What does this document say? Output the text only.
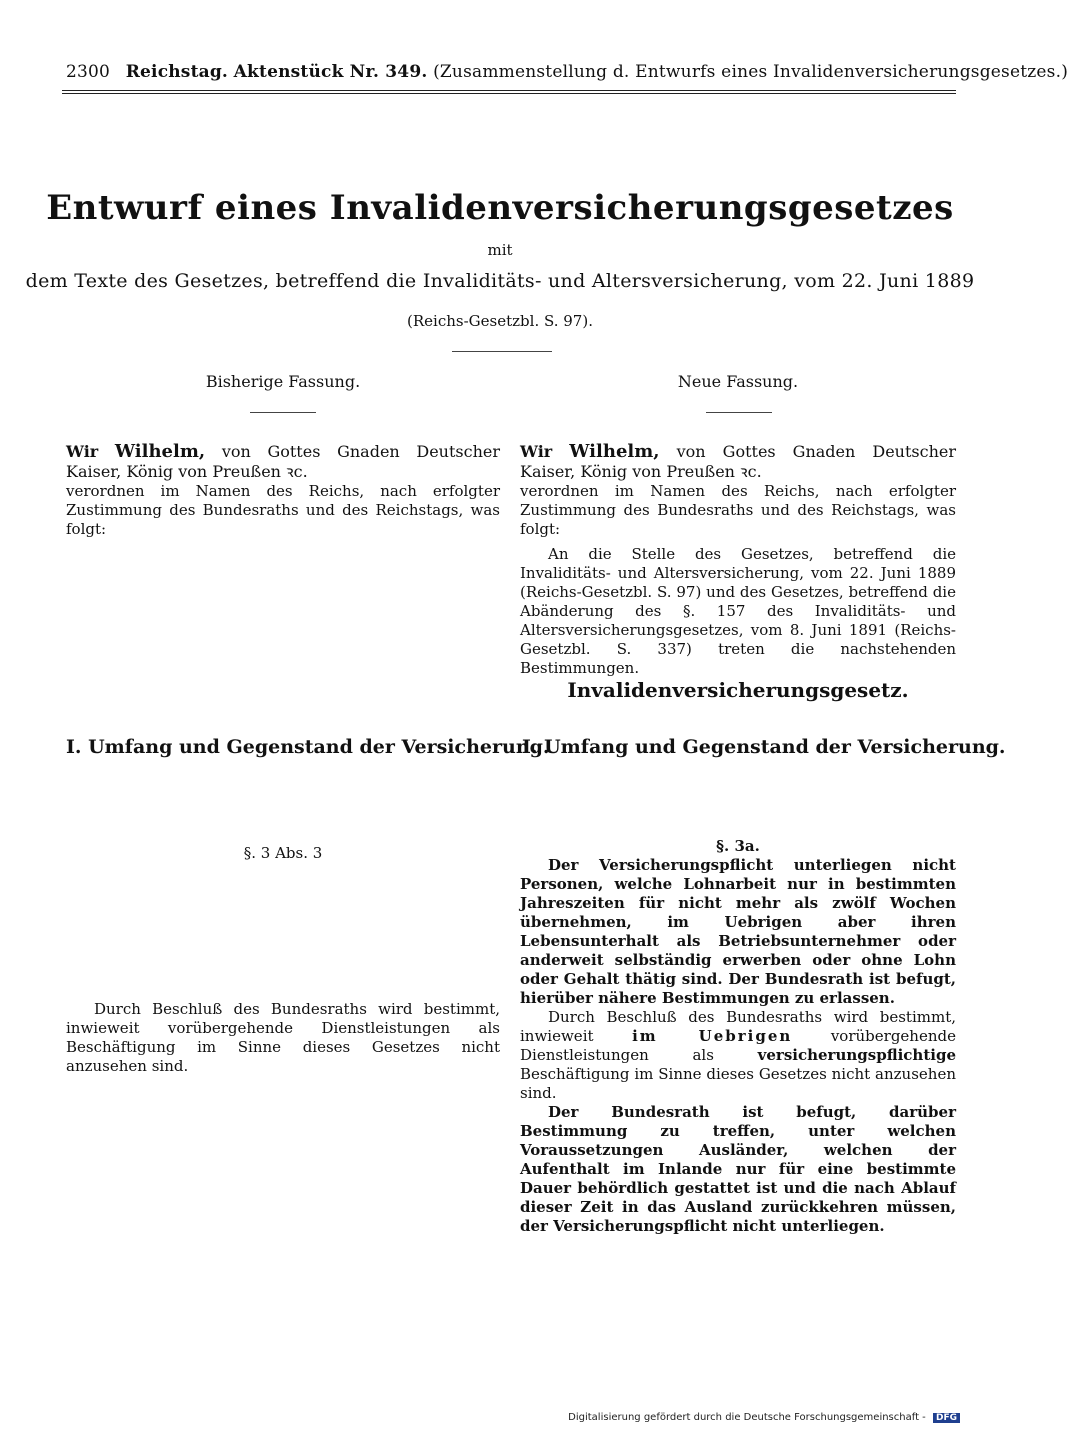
2300 Reichstag. Aktenstück Nr. 349. (Zusammenstellung d. Entwurfs eines Invalidenversicherungsgesetzes.)
Entwurf eines Invalidenversicherungsgesetzes
mit
dem Texte des Gesetzes, betreffend die Invaliditäts- und Altersversicherung, vom 22. Juni 1889
(Reichs-Gesetzbl. S. 97).
Bisherige Fassung.	Neue Fassung.

Wir Wilhelm, von Gottes Gnaden Deutscher Kaiser, König von Preußen ꝛc.

verordnen im Namen des Reichs, nach erfolgter Zustimmung des Bundesraths und des Reichstags, was folgt:

Wir Wilhelm, von Gottes Gnaden Deutscher Kaiser, König von Preußen ꝛc.

verordnen im Namen des Reichs, nach erfolgter Zustimmung des Bundesraths und des Reichstags, was folgt:

An die Stelle des Gesetzes, betreffend die Invaliditäts- und Altersversicherung, vom 22. Juni 1889 (Reichs-Gesetzbl. S. 97) und des Gesetzes, betreffend die Abänderung des §. 157 des Invaliditäts- und Altersversicherungsgesetzes, vom 8. Juni 1891 (Reichs-Gesetzbl. S. 337) treten die nachstehenden Bestimmungen.
Invalidenversicherungsgesetz.
I. Umfang und Gegenstand der Versicherung.
I. Umfang und Gegenstand der Versicherung.
§. 3 Abs. 3
Durch Beschluß des Bundesraths wird bestimmt, inwieweit vorübergehende Dienstleistungen als Beschäftigung im Sinne dieses Gesetzes nicht anzusehen sind.
§. 3a.

Der Versicherungspflicht unterliegen nicht Personen, welche Lohnarbeit nur in bestimmten Jahreszeiten für nicht mehr als zwölf Wochen übernehmen, im Uebrigen aber ihren Lebensunterhalt als Betriebsunternehmer oder anderweit selbständig erwerben oder ohne Lohn oder Gehalt thätig sind. Der Bundesrath ist befugt, hierüber nähere Bestimmungen zu erlassen.

Durch Beschluß des Bundesraths wird bestimmt, inwieweit	im Uebrigen	vorübergehende Dienstleistungen als	versicherungspflichtige Beschäftigung im Sinne dieses Gesetzes nicht anzusehen sind.

Der Bundesrath ist befugt, darüber Bestimmung zu treffen, unter welchen Voraussetzungen Ausländer, welchen der Aufenthalt im Inlande nur für eine bestimmte Dauer behördlich gestattet ist und die nach Ablauf dieser Zeit in das Ausland zurückkehren müssen, der Versicherungspflicht nicht unterliegen.

Digitalisierung gefördert durch die Deutsche Forschungsgemeinschaft - DFG
